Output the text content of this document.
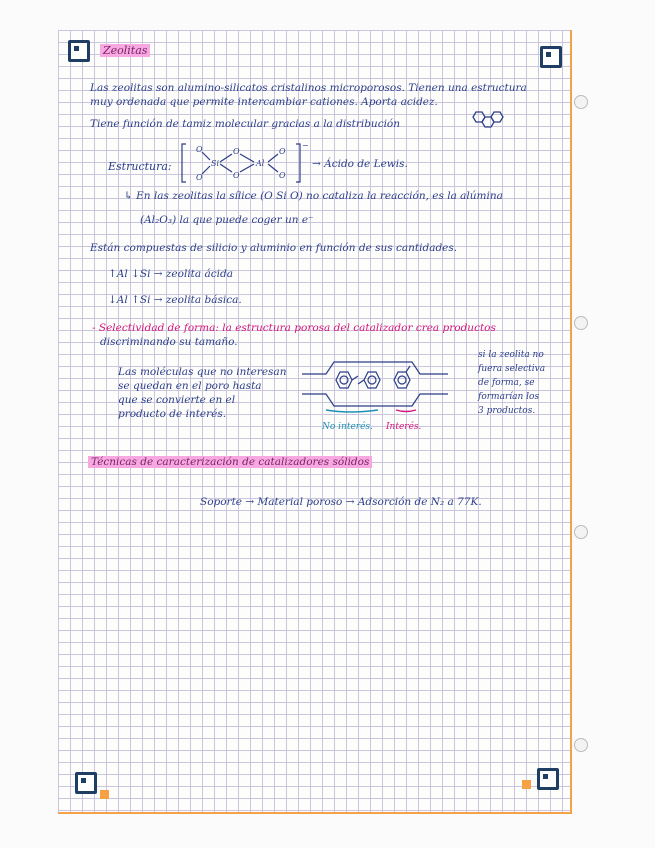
Zeolitas
Las zeolitas son alumino-silicatos cristalinos microporosos. Tienen una estructura
muy ordenada que permite intercambiar cationes. Aporta acidez.
Tiene función de tamiz molecular gracias a la distribución
Estructura:
O
O
Si
O
O
Al
O
O
−
→ Ácido de Lewis.
↳ En las zeolitas la sílice (O Si O) no cataliza la reacción, es la alúmina
(Al₂O₃) la que puede coger un e⁻
Están compuestas de silicio y aluminio en función de sus cantidades.
↑Al ↓Si → zeolita ácida
↓Al ↑Si → zeolita básica.
- Selectividad de forma: la estructura porosa del catalizador crea productos
discriminando su tamaño.
Las moléculas que no interesan
se quedan en el poro hasta
que se convierte en el
producto de interés.
No interés. Interés.
si la zeolita no
fuera selectiva
de forma, se
formarían los
3 productos.
Técnicas de caracterización de catalizadores sólidos
Soporte → Material poroso → Adsorción de N₂ a 77K.
